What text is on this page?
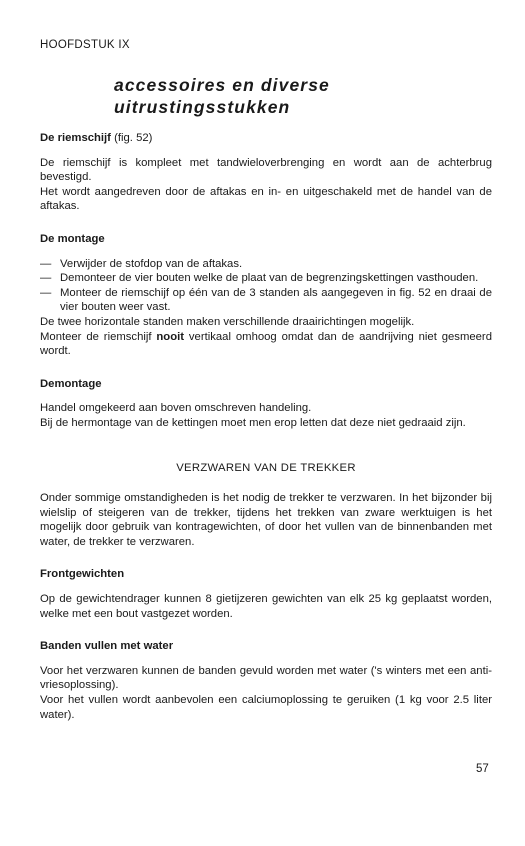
HOOFDSTUK IX
accessoires en diverse
uitrustingsstukken
De riemschijf (fig. 52)

De riemschijf is kompleet met tandwieloverbrenging en wordt aan de achterbrug bevestigd.

Het wordt aangedreven door de aftakas en in- en uitgeschakeld met de handel van de aftakas.

De montage
— Verwijder de stofdop van de aftakas.
— Demonteer de vier bouten welke de plaat van de begrenzingskettingen vasthouden.
— Monteer de riemschijf op één van de 3 standen als aangegeven in fig. 52 en draai de vier bouten weer vast.

De twee horizontale standen maken verschillende draairichtingen mogelijk.

Monteer de riemschijf nooit vertikaal omhoog omdat dan de aandrijving niet gesmeerd wordt.

Demontage

Handel omgekeerd aan boven omschreven handeling.

Bij de hermontage van de kettingen moet men erop letten dat deze niet gedraaid zijn.

VERZWAREN VAN DE TREKKER

Onder sommige omstandigheden is het nodig de trekker te verzwaren. In het bijzonder bij wielslip of steigeren van de trekker, tijdens het trekken van zware werktuigen is het mogelijk door gebruik van kontragewichten, of door het vullen van de binnenbanden met water, de trekker te verzwaren.

Frontgewichten

Op de gewichtendrager kunnen 8 gietijzeren gewichten van elk 25 kg geplaatst worden, welke met een bout vastgezet worden.

Banden vullen met water

Voor het verzwaren kunnen de banden gevuld worden met water ('s winters met een anti-vriesoplossing).

Voor het vullen wordt aanbevolen een calciumoplossing te geruiken (1 kg voor 2.5 liter water).

57
